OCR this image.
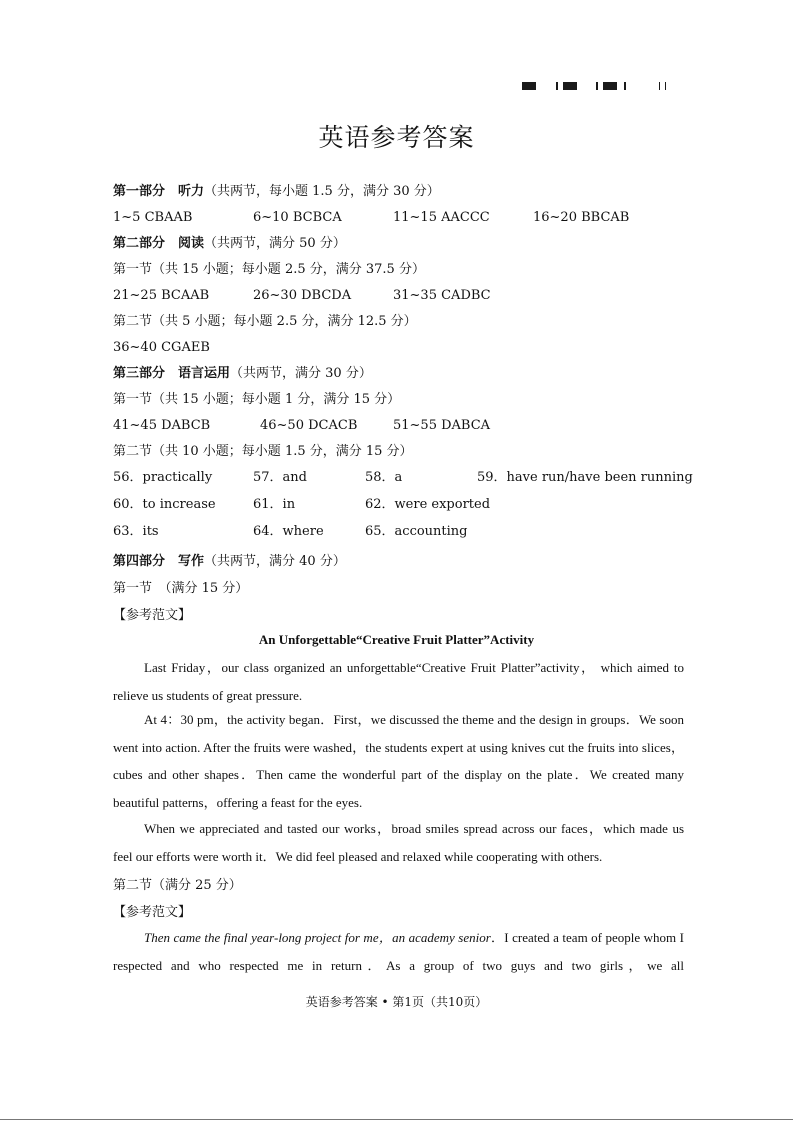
英语参考答案
第一部分　听力（共两节，每小题 1.5 分，满分 30 分）
1~5 CBAAB	6~10 BCBCA	11~15 AACCC	16~20 BBCAB
第二部分　阅读（共两节，满分 50 分）
第一节（共 15 小题；每小题 2.5 分，满分 37.5 分）
21~25 BCAAB	26~30 DBCDA	31~35 CADBC
第二节（共 5 小题；每小题 2.5 分，满分 12.5 分）
36~40 CGAEB
第三部分　语言运用（共两节，满分 30 分）
第一节（共 15 小题；每小题 1 分，满分 15 分）
41~45 DABCB	46~50 DCACB	51~55 DABCA
第二节（共 10 小题；每小题 1.5 分，满分 15 分）
56．practically	57．and	58．a	59．have run/have been running
60．to increase	61．in	62．were exported
63．its	64．where	65．accounting
第四部分　写作（共两节，满分 40 分）
第一节　（满分 15 分）
【参考范文】
An Unforgettable“Creative Fruit Platter”Activity
Last Friday，our class organized an unforgettable“Creative Fruit Platter”activity， which aimed to relieve us students of great pressure.
At 4：30 pm，the activity began．First，we discussed the theme and the design in groups．We soon went into action. After the fruits were washed，the students expert at using knives cut the fruits into slices，cubes and other shapes．Then came the wonderful part of the display on the plate．We created many beautiful patterns，offering a feast for the eyes.
When we appreciated and tasted our works，broad smiles spread across our faces，which made us feel our efforts were worth it．We did feel pleased and relaxed while cooperating with others.
第二节（满分 25 分）
【参考范文】
Then came the final year-long project for me，an academy senior．I created a team of people whom I respected and who respected me in return．As a group of two guys and two girls，we all
英语参考答案 • 第1页（共10页）
